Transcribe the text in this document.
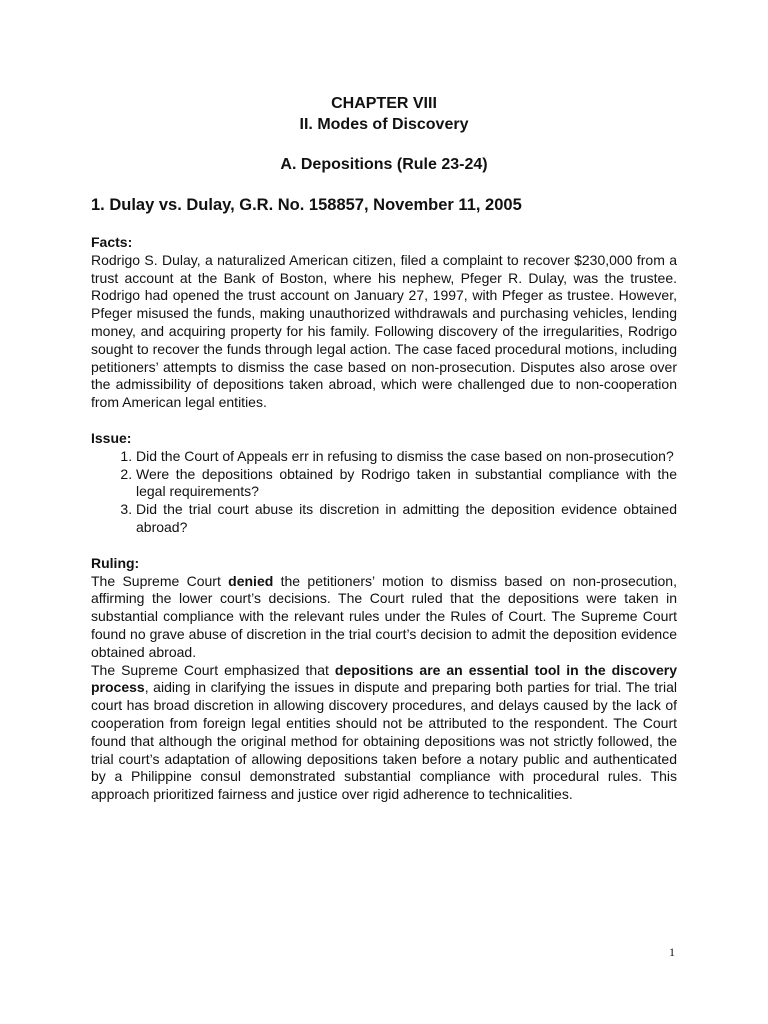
CHAPTER VIII

II. Modes of Discovery

A. Depositions (Rule 23-24)

1. Dulay vs. Dulay, G.R. No. 158857, November 11, 2005

Facts:

Rodrigo S. Dulay, a naturalized American citizen, filed a complaint to recover $230,000 from a trust account at the Bank of Boston, where his nephew, Pfeger R. Dulay, was the trustee. Rodrigo had opened the trust account on January 27, 1997, with Pfeger as trustee. However, Pfeger misused the funds, making unauthorized withdrawals and purchasing vehicles, lending money, and acquiring property for his family. Following discovery of the irregularities, Rodrigo sought to recover the funds through legal action. The case faced procedural motions, including petitioners’ attempts to dismiss the case based on non-prosecution. Disputes also arose over the admissibility of depositions taken abroad, which were challenged due to non-cooperation from American legal entities.

Issue:

1. Did the Court of Appeals err in refusing to dismiss the case based on non-prosecution?
2. Were the depositions obtained by Rodrigo taken in substantial compliance with the legal requirements?
3. Did the trial court abuse its discretion in admitting the deposition evidence obtained abroad?

Ruling:

The Supreme Court denied the petitioners’ motion to dismiss based on non-prosecution, affirming the lower court’s decisions. The Court ruled that the depositions were taken in substantial compliance with the relevant rules under the Rules of Court. The Supreme Court found no grave abuse of discretion in the trial court’s decision to admit the deposition evidence obtained abroad.

The Supreme Court emphasized that depositions are an essential tool in the discovery process, aiding in clarifying the issues in dispute and preparing both parties for trial. The trial court has broad discretion in allowing discovery procedures, and delays caused by the lack of cooperation from foreign legal entities should not be attributed to the respondent. The Court found that although the original method for obtaining depositions was not strictly followed, the trial court’s adaptation of allowing depositions taken before a notary public and authenticated by a Philippine consul demonstrated substantial compliance with procedural rules. This approach prioritized fairness and justice over rigid adherence to technicalities.

1
